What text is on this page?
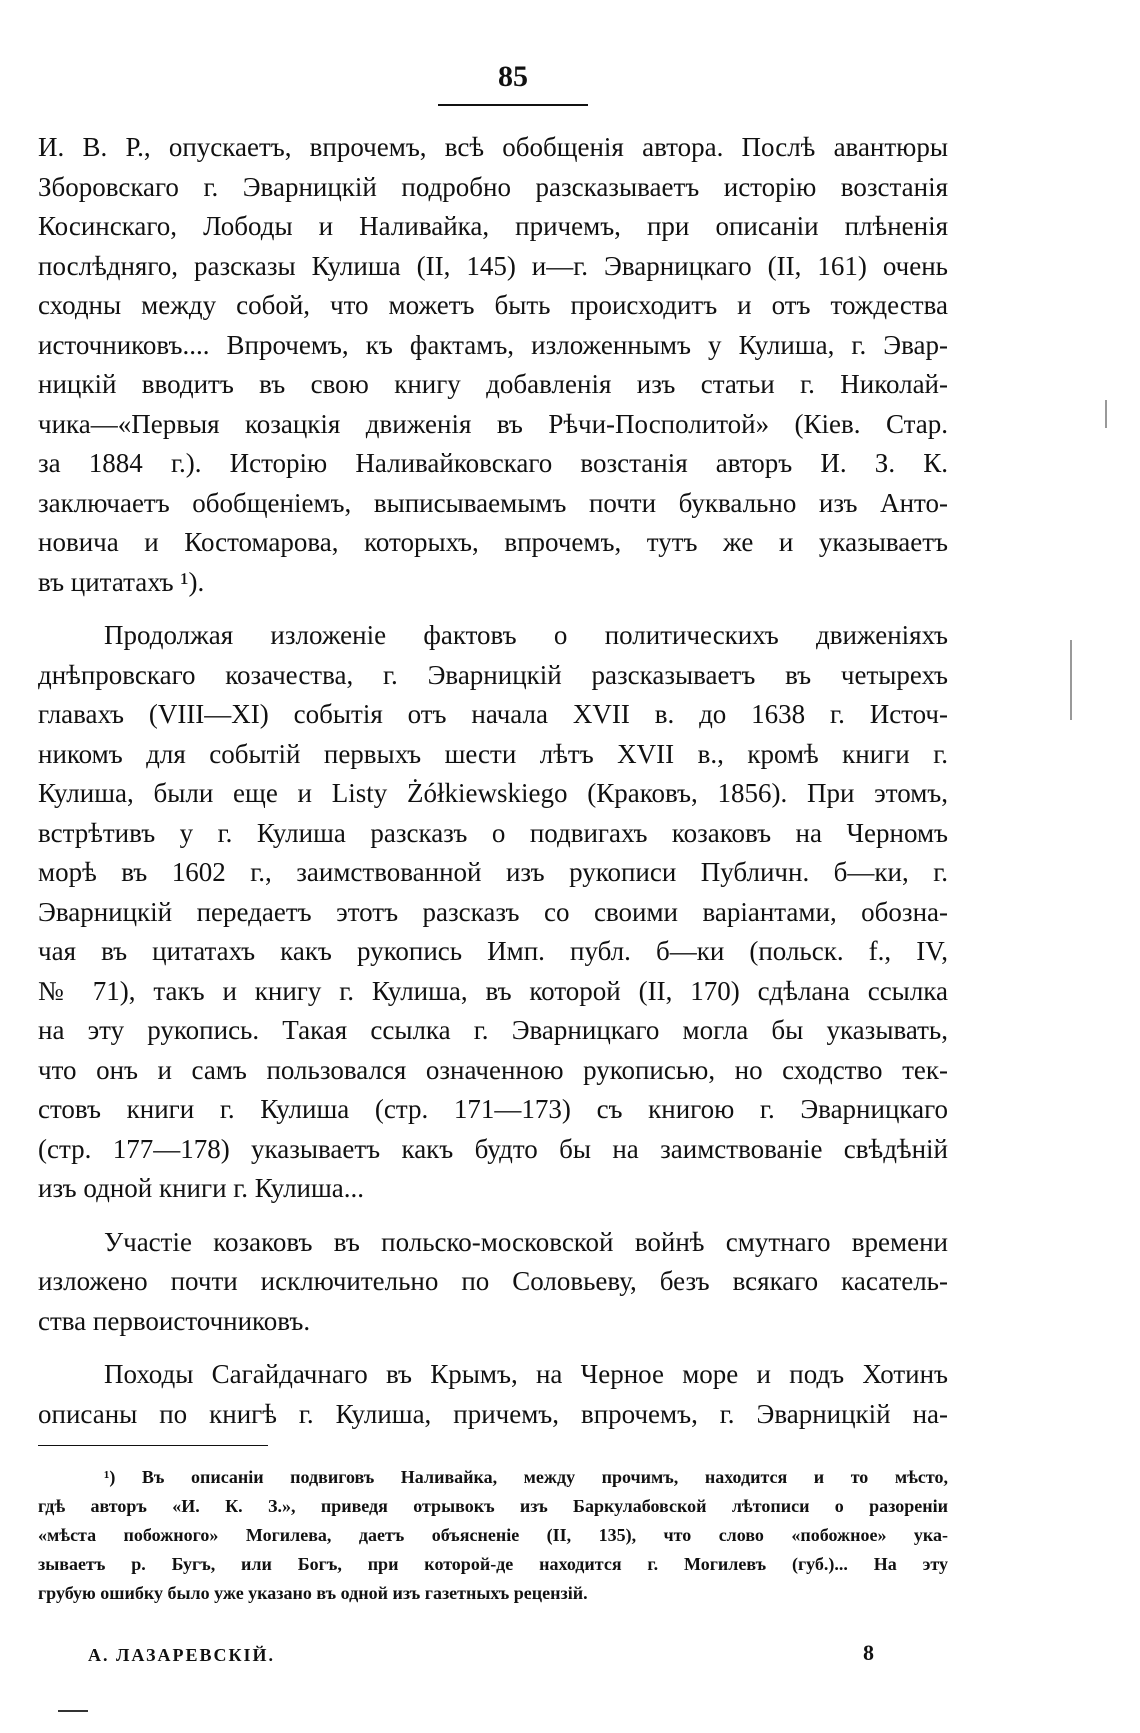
85
И. В. Р., опускаетъ, впрочемъ, всѣ обобщенія автора. Послѣ авантюры
Зборовскаго г. Эварницкій подробно разсказываетъ исторію возстанія
Косинскаго, Лободы и Наливайка, причемъ, при описаніи плѣненія
послѣдняго, разсказы Кулиша (II, 145) и—г. Эварницкаго (II, 161) очень
сходны между собой, что можетъ быть происходитъ и отъ тождества
источниковъ.... Впрочемъ, къ фактамъ, изложеннымъ у Кулиша, г. Эвар-
ницкій вводитъ въ свою книгу добавленія изъ статьи г. Николай-
чика—«Первыя козацкія движенія въ Рѣчи-Посполитой» (Кіев. Стар.
за 1884 г.). Исторію Наливайковскаго возстанія авторъ И. З. К.
заключаетъ обобщеніемъ, выписываемымъ почти буквально изъ Анто-
новича и Костомарова, которыхъ, впрочемъ, тутъ же и указываетъ
въ цитатахъ ¹).
Продолжая изложеніе фактовъ о политическихъ движеніяхъ
днѣпровскаго козачества, г. Эварницкій разсказываетъ въ четырехъ
главахъ (VIII—XI) событія отъ начала XVII в. до 1638 г. Источ-
никомъ для событій первыхъ шести лѣтъ XVII в., кромѣ книги г.
Кулиша, были еще и Listy Żółkiewskiego (Краковъ, 1856). При этомъ,
встрѣтивъ у г. Кулиша разсказъ о подвигахъ козаковъ на Черномъ
морѣ въ 1602 г., заимствованной изъ рукописи Публичн. б—ки, г.
Эварницкій передаетъ этотъ разсказъ со своими варіантами, обозна-
чая въ цитатахъ какъ рукопись Имп. публ. б—ки (польск. f., IV,
№ 71), такъ и книгу г. Кулиша, въ которой (II, 170) сдѣлана ссылка
на эту рукопись. Такая ссылка г. Эварницкаго могла бы указывать,
что онъ и самъ пользовался означенною рукописью, но сходство тек-
стовъ книги г. Кулиша (стр. 171—173) съ книгою г. Эварницкаго
(стр. 177—178) указываетъ какъ будто бы на заимствованіе свѣдѣній
изъ одной книги г. Кулиша...
Участіе козаковъ въ польско-московской войнѣ смутнаго времени
изложено почти исключительно по Соловьеву, безъ всякаго касатель-
ства первоисточниковъ.
Походы Сагайдачнаго въ Крымъ, на Черное море и подъ Хотинъ
описаны по книгѣ г. Кулиша, причемъ, впрочемъ, г. Эварницкій на-
¹) Въ описаніи подвиговъ Наливайка, между прочимъ, находится и то мѣсто,
гдѣ авторъ «И. К. З.», приведя отрывокъ изъ Баркулабовской лѣтописи о разореніи
«мѣста побожного» Могилева, даетъ объясненіе (II, 135), что слово «побожное» ука-
зываетъ р. Бугъ, или Богъ, при которой-де находится г. Могилевъ (губ.)... На эту
грубую ошибку было уже указано въ одной изъ газетныхъ рецензій.
А. ЛАЗАРЕВСКІЙ.	8
